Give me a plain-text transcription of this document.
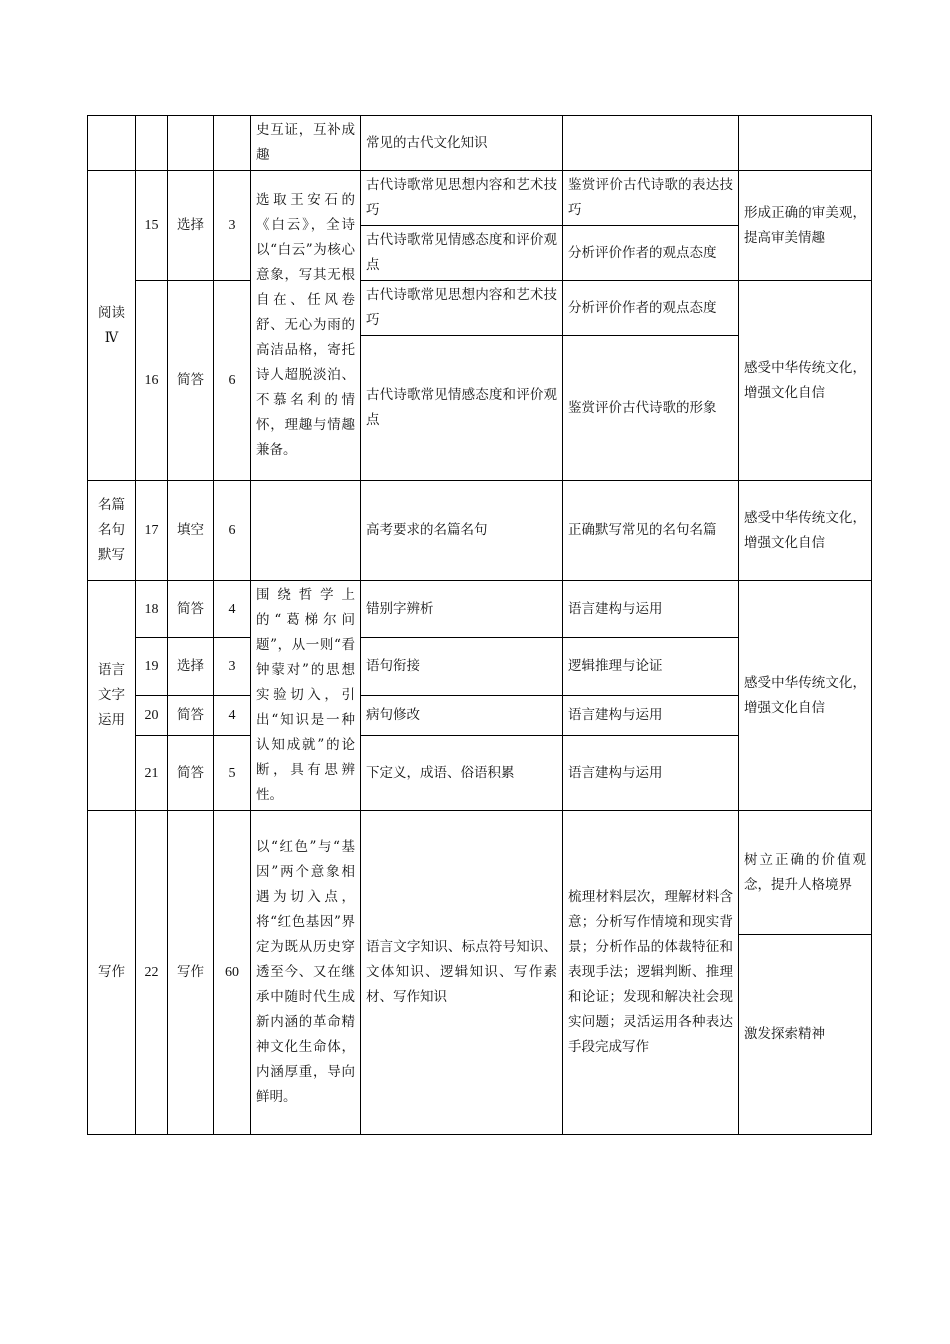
				史互证，互补成趣	常见的古代文化知识		
阅读Ⅳ	15	选择	3	选取王安石的《白云》，全诗以“白云”为核心意象，写其无根自在、任风卷舒、无心为雨的高洁品格，寄托诗人超脱淡泊、不慕名利的情怀，理趣与情趣兼备。	古代诗歌常见思想内容和艺术技巧	鉴赏评价古代诗歌的表达技巧	形成正确的审美观，提高审美情趣
					古代诗歌常见情感态度和评价观点	分析评价作者的观点态度	
	16	简答	6		古代诗歌常见思想内容和艺术技巧	分析评价作者的观点态度	感受中华传统文化，增强文化自信
					古代诗歌常见情感态度和评价观点	鉴赏评价古代诗歌的形象	
名篇名句默写	17	填空	6		高考要求的名篇名句	正确默写常见的名句名篇	感受中华传统文化，增强文化自信
语言文字运用	18	简答	4	围绕哲学上的“葛梯尔问题”，从一则“看钟蒙对”的思想实验切入，引出“知识是一种认知成就”的论断，具有思辨性。	错别字辨析	语言建构与运用	感受中华传统文化，增强文化自信
	19	选择	3		语句衔接	逻辑推理与论证	
	20	简答	4		病句修改	语言建构与运用	
	21	简答	5		下定义，成语、俗语积累	语言建构与运用	
写作	22	写作	60	以“红色”与“基因”两个意象相遇为切入点，将“红色基因”界定为既从历史穿透至今、又在继承中随时代生成新内涵的革命精神文化生命体，内涵厚重，导向鲜明。	语言文字知识、标点符号知识、文体知识、逻辑知识、写作素材、写作知识	梳理材料层次，理解材料含意；分析写作情境和现实背景；分析作品的体裁特征和表现手法；逻辑判断、推理和论证；发现和解决社会现实问题；灵活运用各种表达手段完成写作	树立正确的价值观念，提升人格境界
							激发探索精神
